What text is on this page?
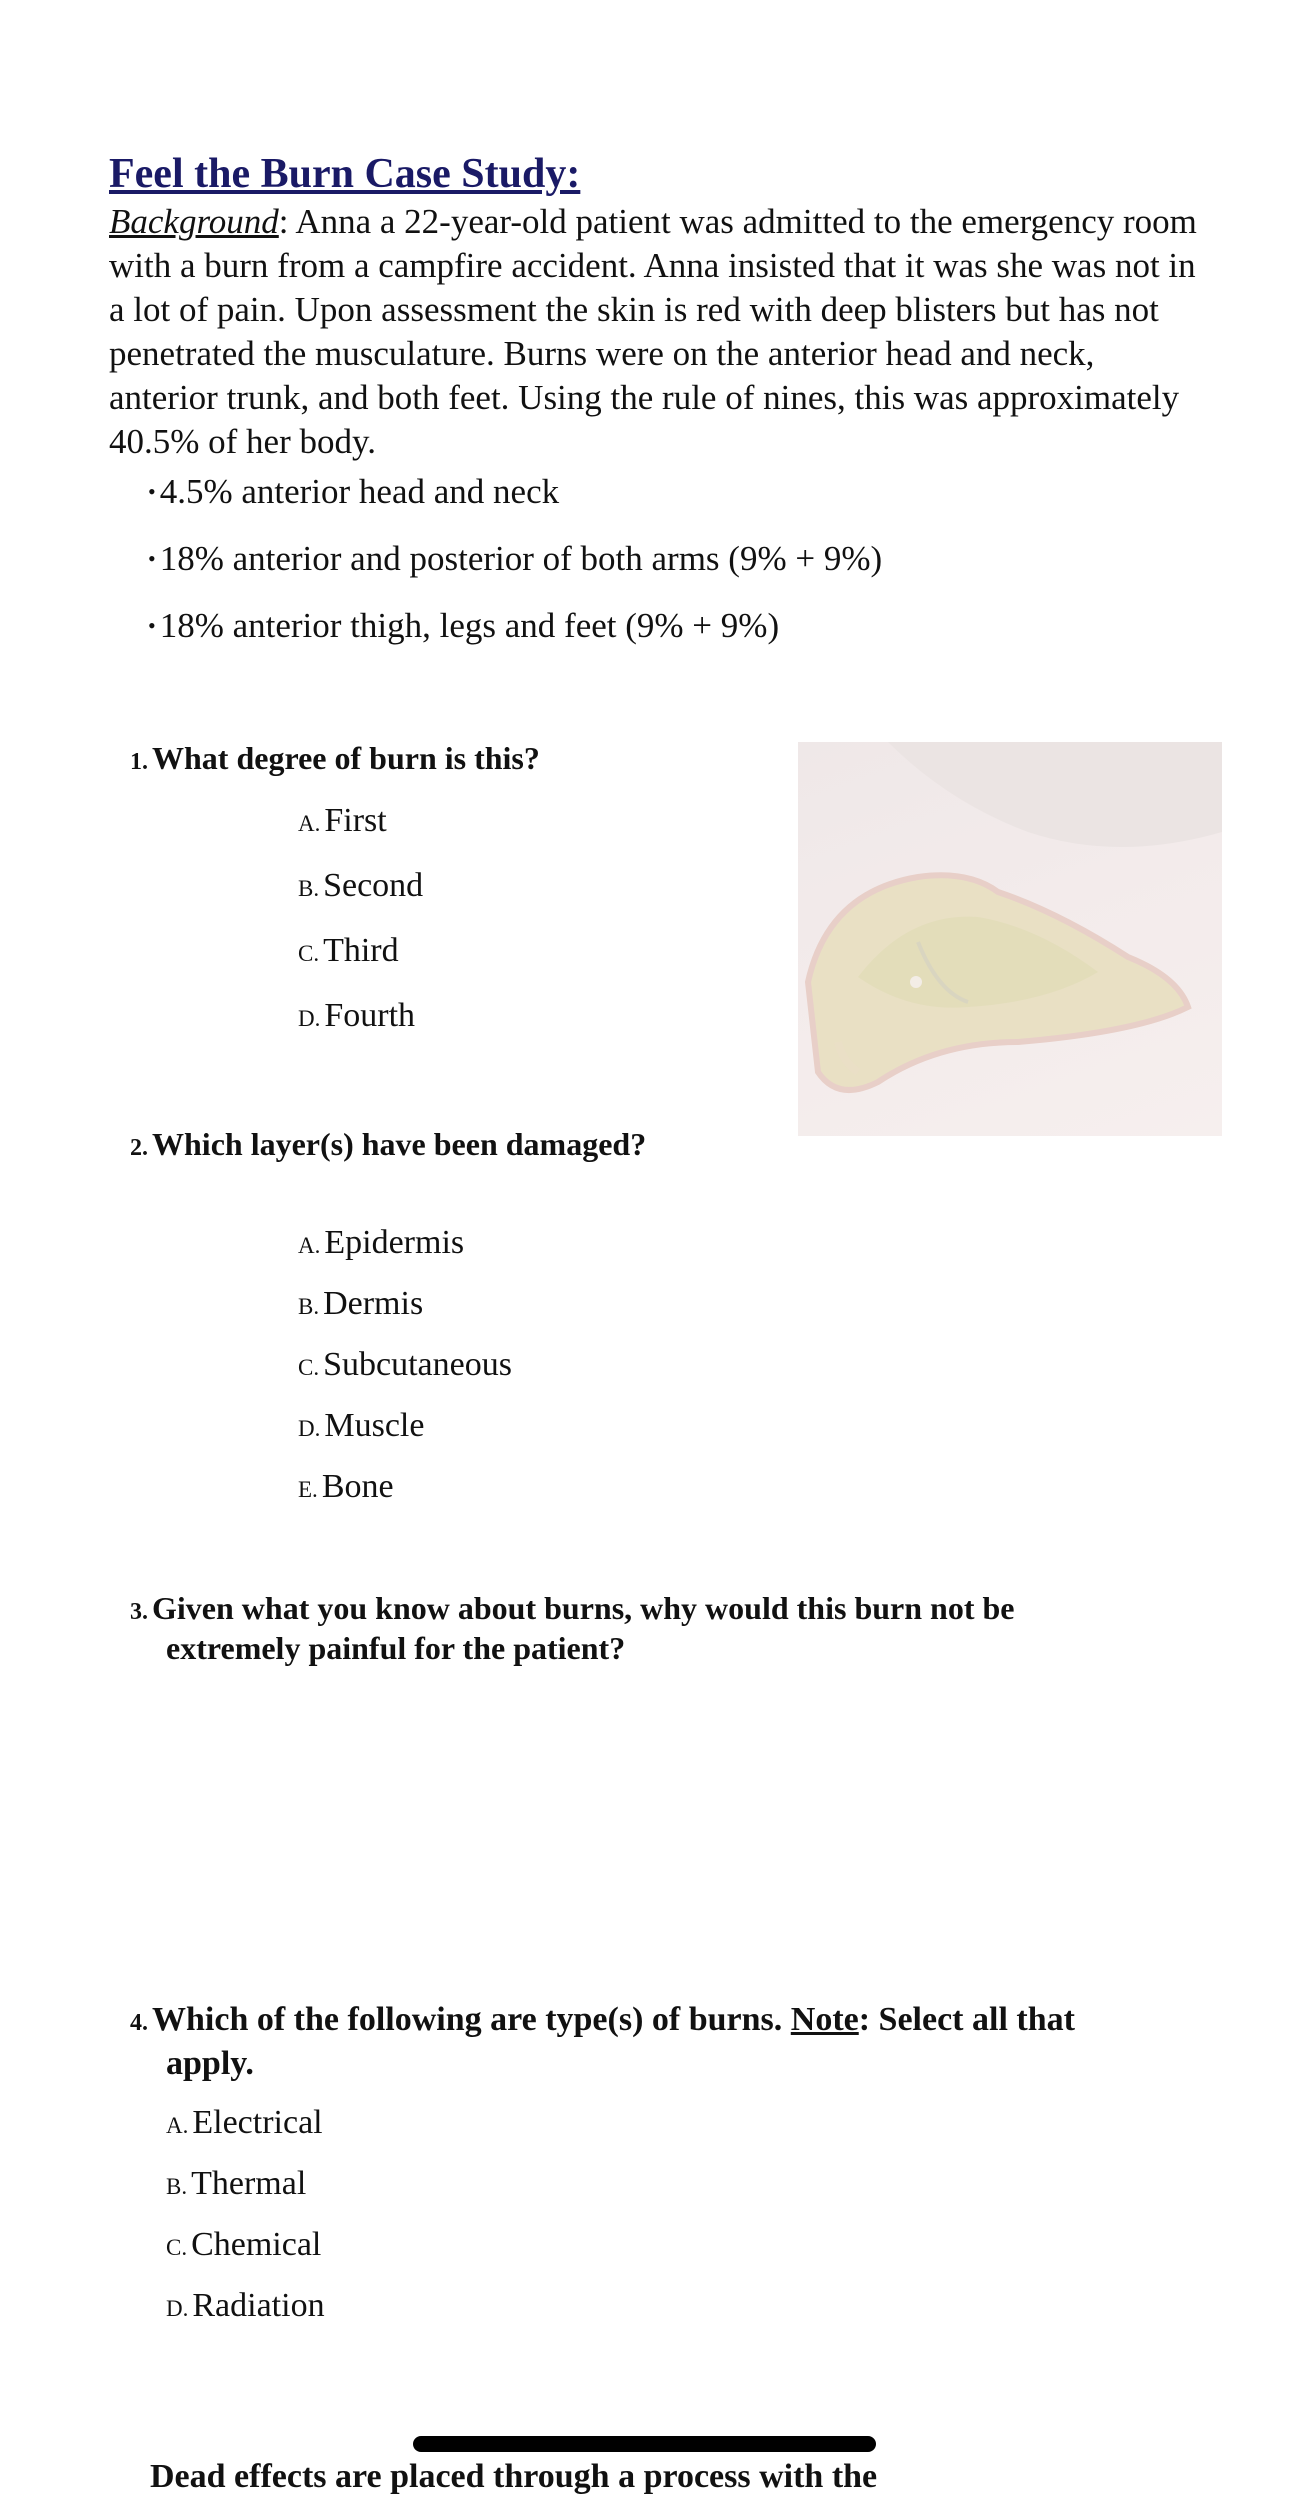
Feel the Burn Case Study:
Background: Anna a 22-year-old patient was admitted to the emergency room with a burn from a campfire accident. Anna insisted that it was she was not in a lot of pain. Upon assessment the skin is red with deep blisters but has not penetrated the musculature. Burns were on the anterior head and neck, anterior trunk, and both feet. Using the rule of nines, this was approximately 40.5% of her body.
• 4.5% anterior head and neck
• 18% anterior and posterior of both arms (9% + 9%)
• 18% anterior thigh, legs and feet (9% + 9%)
1. What degree of burn is this?
A. First
B. Second
C. Third
D. Fourth
2. Which layer(s) have been damaged?
A. Epidermis
B. Dermis
C. Subcutaneous
D. Muscle
E. Bone
3. Given what you know about burns, why would this burn not be
extremely painful for the patient?
4. Which of the following are type(s) of burns. Note: Select all that
apply.
A. Electrical
B. Thermal
C. Chemical
D. Radiation
Dead effects are placed through a process with the
